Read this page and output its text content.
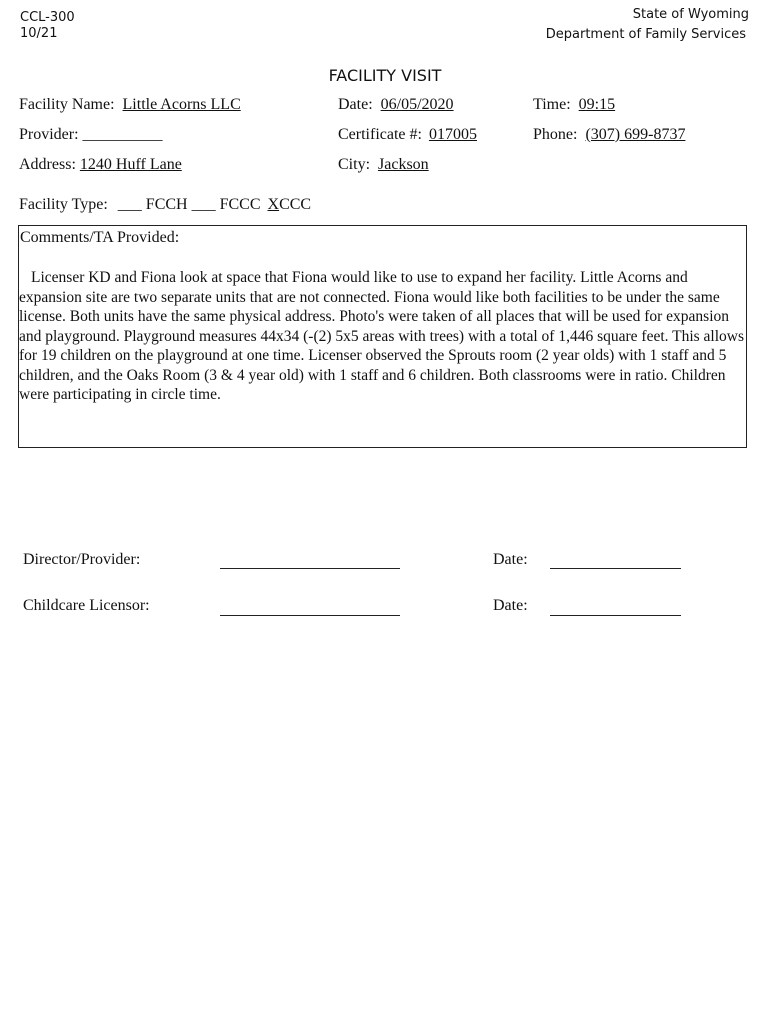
CCL-300
10/21
State of Wyoming
Department of Family Services
FACILITY VISIT
Facility Name: Little Acorns LLC	Date: 06/05/2020	Time: 09:15
Provider: __________	Certificate #: 017005	Phone: (307) 699-8737
Address: 1240 Huff Lane	City: Jackson
Facility Type: ___ FCCH ___ FCCC XCCC
Comments/TA Provided:
Licenser KD and Fiona look at space that Fiona would like to use to expand her facility. Little Acorns and expansion site are two separate units that are not connected. Fiona would like both facilities to be under the same license. Both units have the same physical address. Photo's were taken of all places that will be used for expansion and playground. Playground measures 44x34 (-(2) 5x5 areas with trees) with a total of 1,446 square feet. This allows for 19 children on the playground at one time. Licenser observed the Sprouts room (2 year olds) with 1 staff and 5 children, and the Oaks Room (3 & 4 year old) with 1 staff and 6 children. Both classrooms were in ratio. Children were participating in circle time.
Director/Provider:	Date:
Childcare Licensor:	Date:
